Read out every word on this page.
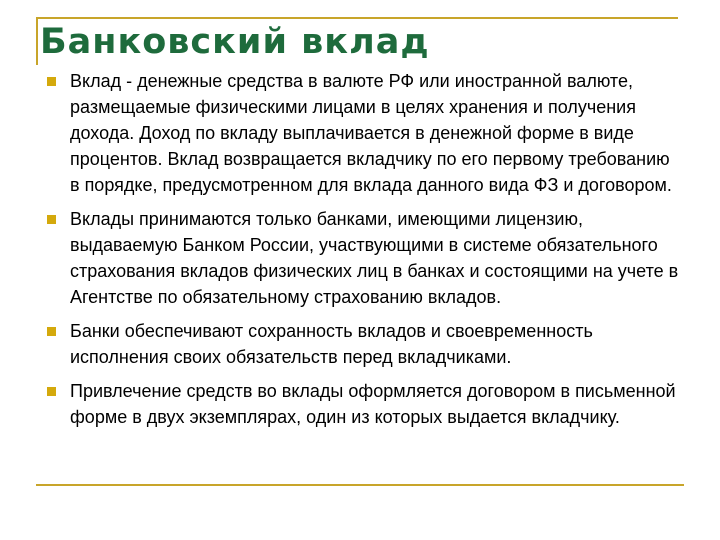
Банковский вклад
Вклад - денежные средства в валюте РФ или иностранной валюте, размещаемые физическими лицами в целях хранения и получения дохода. Доход по вкладу выплачивается в денежной форме в виде процентов. Вклад возвращается вкладчику по его первому требованию в порядке, предусмотренном для вклада данного вида ФЗ и договором.
Вклады принимаются только банками, имеющими лицензию, выдаваемую Банком России, участвующими в системе обязательного страхования вкладов физических лиц в банках и состоящими на учете в Агентстве по обязательному страхованию вкладов.
Банки обеспечивают сохранность вкладов и своевременность исполнения своих обязательств перед вкладчиками.
Привлечение средств во вклады оформляется договором в письменной форме в двух экземплярах, один из которых выдается вкладчику.
